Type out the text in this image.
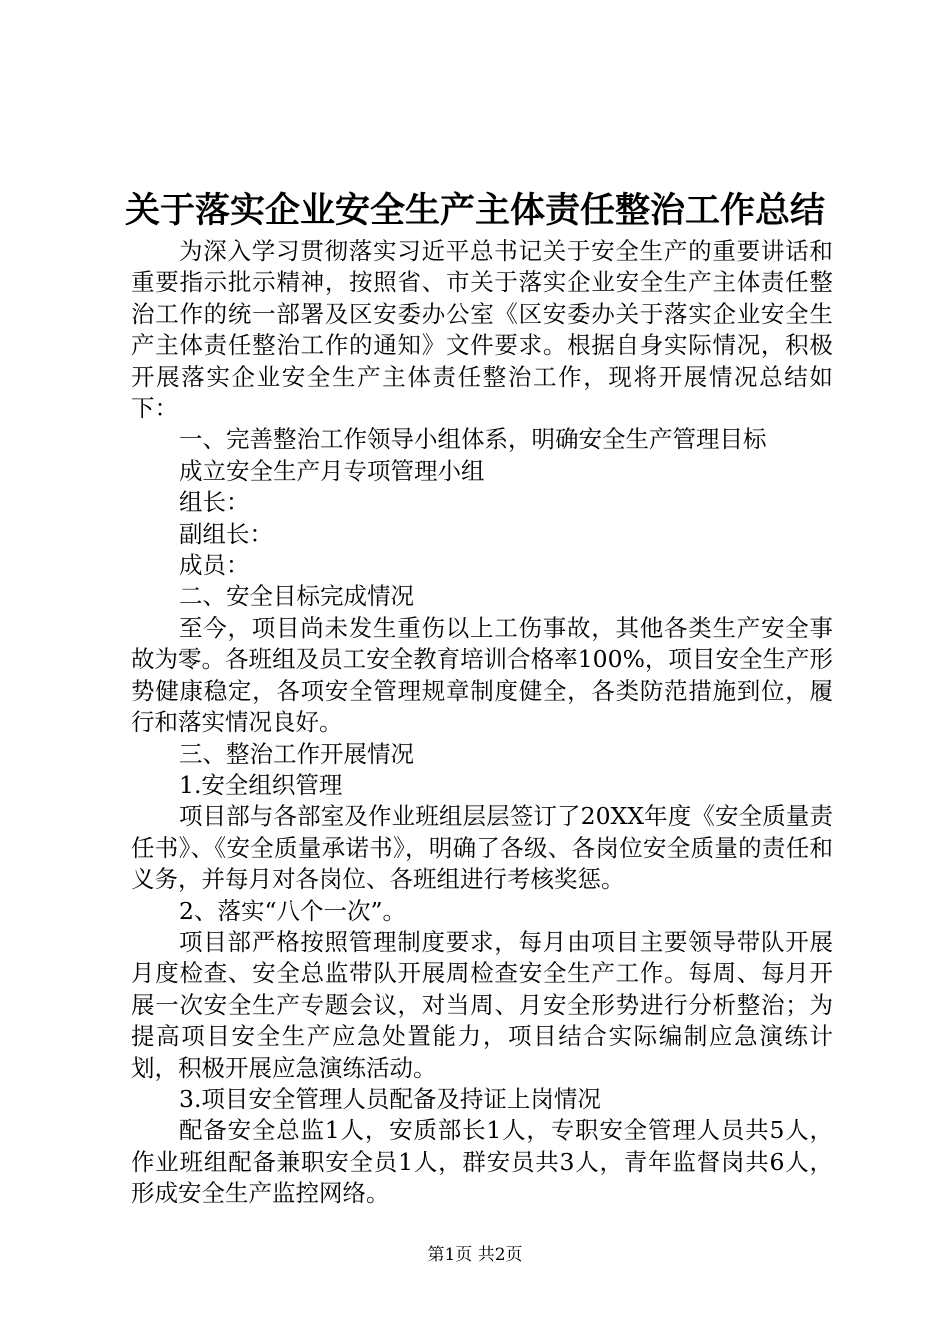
关于落实企业安全生产主体责任整治工作总结

为深入学习贯彻落实习近平总书记关于安全生产的重要讲话和重要指示批示精神，按照省、市关于落实企业安全生产主体责任整治工作的统一部署及区安委办公室《区安委办关于落实企业安全生产主体责任整治工作的通知》文件要求。根据自身实际情况，积极开展落实企业安全生产主体责任整治工作，现将开展情况总结如下：

一、完善整治工作领导小组体系，明确安全生产管理目标

成立安全生产月专项管理小组

组长：

副组长：

成员：

二、安全目标完成情况

至今，项目尚未发生重伤以上工伤事故，其他各类生产安全事故为零。各班组及员工安全教育培训合格率100%，项目安全生产形势健康稳定，各项安全管理规章制度健全，各类防范措施到位，履行和落实情况良好。

三、整治工作开展情况

1.安全组织管理

项目部与各部室及作业班组层层签订了20XX年度《安全质量责任书》、《安全质量承诺书》，明确了各级、各岗位安全质量的责任和义务，并每月对各岗位、各班组进行考核奖惩。

2、落实“八个一次”。

项目部严格按照管理制度要求，每月由项目主要领导带队开展月度检查、安全总监带队开展周检查安全生产工作。每周、每月开展一次安全生产专题会议，对当周、月安全形势进行分析整治；为提高项目安全生产应急处置能力，项目结合实际编制应急演练计划，积极开展应急演练活动。

3.项目安全管理人员配备及持证上岗情况

配备安全总监1人，安质部长1人，专职安全管理人员共5人，作业班组配备兼职安全员1人，群安员共3人，青年监督岗共6人，形成安全生产监控网络。

第1页 共2页
